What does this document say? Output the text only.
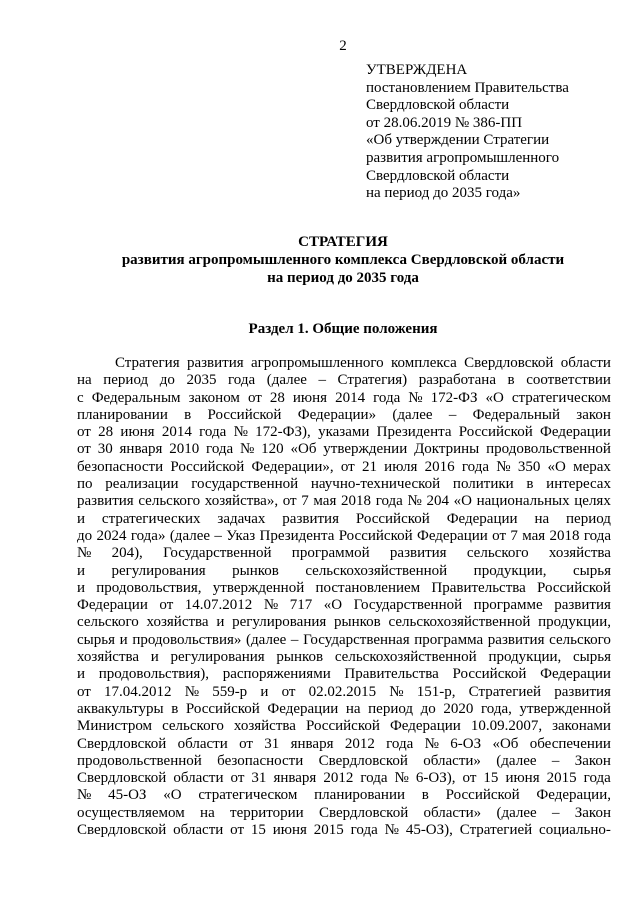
2
УТВЕРЖДЕНА
постановлением Правительства
Свердловской области
от 28.06.2019 № 386-ПП
«Об утверждении Стратегии
развития агропромышленного
Свердловской области
на период до 2035 года»
СТРАТЕГИЯ
развития агропромышленного комплекса Свердловской области
на период до 2035 года
Раздел 1. Общие положения
Стратегия развития агропромышленного комплекса Свердловской области
на период до 2035 года (далее – Стратегия) разработана в соответствии
с Федеральным законом от 28 июня 2014 года № 172-ФЗ «О стратегическом
планировании в Российской Федерации» (далее – Федеральный закон
от 28 июня 2014 года № 172-ФЗ), указами Президента Российской Федерации
от 30 января 2010 года № 120 «Об утверждении Доктрины продовольственной
безопасности Российской Федерации», от 21 июля 2016 года № 350 «О мерах
по реализации государственной научно-технической политики в интересах
развития сельского хозяйства», от 7 мая 2018 года № 204 «О национальных целях
и стратегических задачах развития Российской Федерации на период
до 2024 года» (далее – Указ Президента Российской Федерации от 7 мая 2018 года
№ 204), Государственной программой развития сельского хозяйства
и регулирования рынков сельскохозяйственной продукции, сырья
и продовольствия, утвержденной постановлением Правительства Российской
Федерации от 14.07.2012 № 717 «О Государственной программе развития
сельского хозяйства и регулирования рынков сельскохозяйственной продукции,
сырья и продовольствия» (далее – Государственная программа развития сельского
хозяйства и регулирования рынков сельскохозяйственной продукции, сырья
и продовольствия), распоряжениями Правительства Российской Федерации
от 17.04.2012 № 559-р и от 02.02.2015 № 151-р, Стратегией развития
аквакультуры в Российской Федерации на период до 2020 года, утвержденной
Министром сельского хозяйства Российской Федерации 10.09.2007, законами
Свердловской области от 31 января 2012 года № 6-ОЗ «Об обеспечении
продовольственной безопасности Свердловской области» (далее – Закон
Свердловской области от 31 января 2012 года № 6-ОЗ), от 15 июня 2015 года
№ 45-ОЗ «О стратегическом планировании в Российской Федерации,
осуществляемом на территории Свердловской области» (далее – Закон
Свердловской области от 15 июня 2015 года № 45-ОЗ), Стратегией социально-
